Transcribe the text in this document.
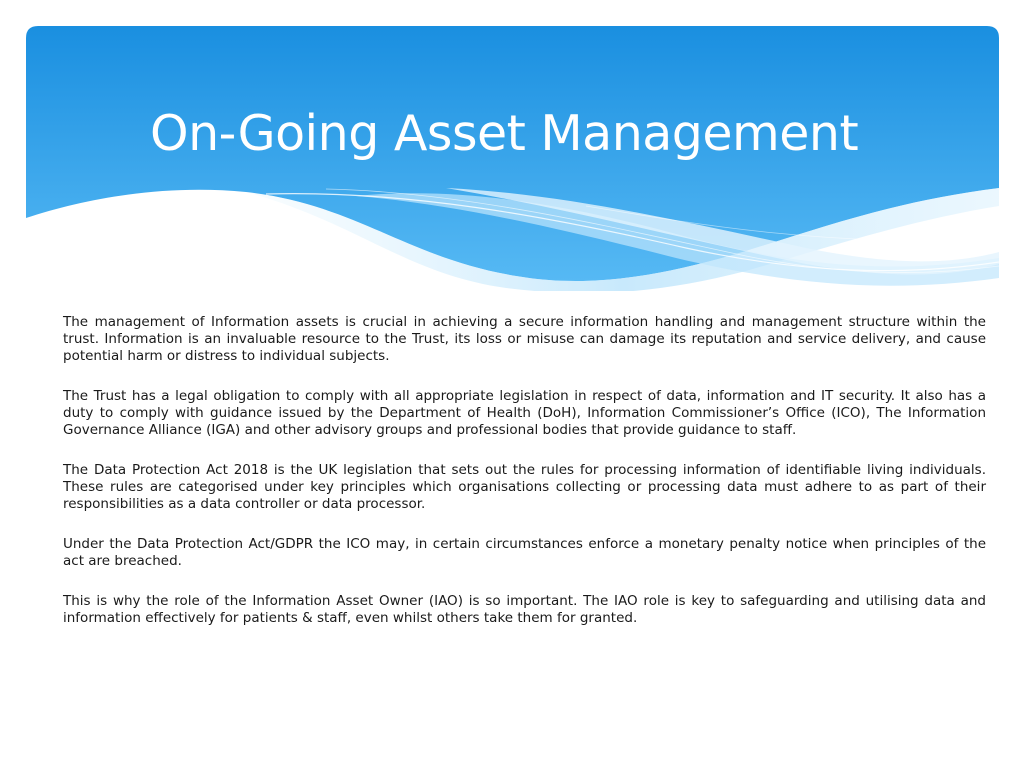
On-Going Asset Management

The management of Information assets is crucial in achieving a secure information handling and management structure within the trust. Information is an invaluable resource to the Trust, its loss or misuse can damage its reputation and service delivery, and cause potential harm or distress to individual subjects.

The Trust has a legal obligation to comply with all appropriate legislation in respect of data, information and IT security. It also has a duty to comply with guidance issued by the Department of Health (DoH), Information Commissioner’s Office (ICO), The Information Governance Alliance (IGA) and other advisory groups and professional bodies that provide guidance to staff.

The Data Protection Act 2018 is the UK legislation that sets out the rules for processing information of identifiable living individuals. These rules are categorised under key principles which organisations collecting or processing data must adhere to as part of their responsibilities as a data controller or data processor.

Under the Data Protection Act/GDPR the ICO may, in certain circumstances enforce a monetary penalty notice when principles of the act are breached.

This is why the role of the Information Asset Owner (IAO) is so important. The IAO role is key to safeguarding and utilising data and information effectively for patients & staff, even whilst others take them for granted.
